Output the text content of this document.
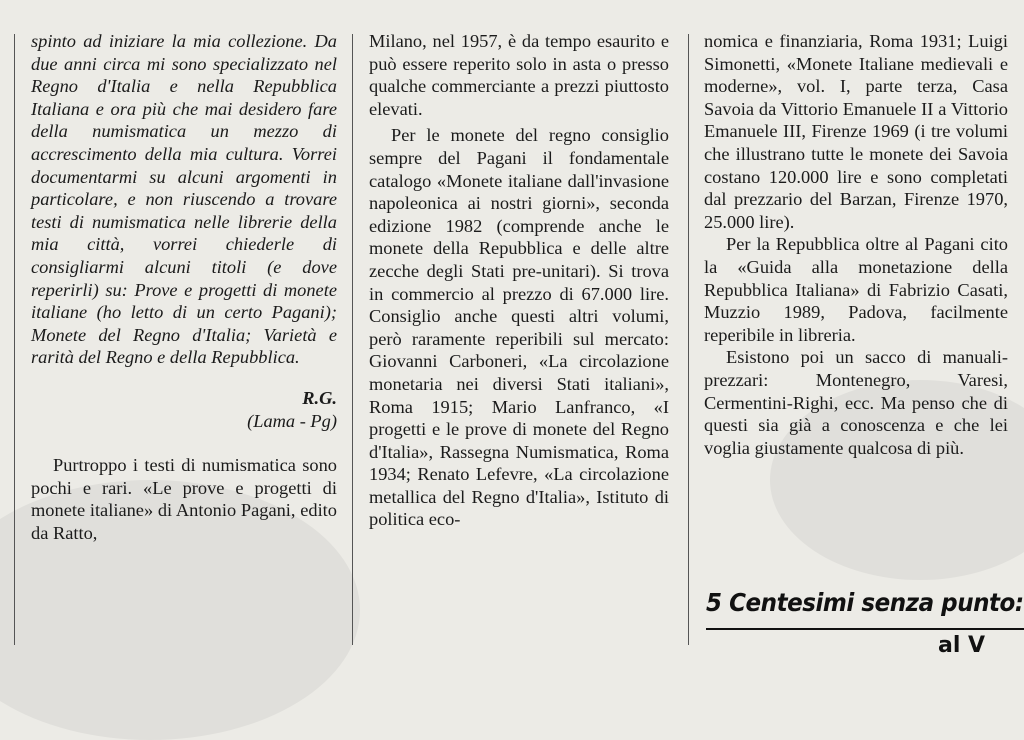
spinto ad iniziare la mia collezione. Da due anni circa mi sono specializzato nel Regno d'Italia e nella Repubblica Italiana e ora più che mai desidero fare della numismatica un mezzo di accrescimento della mia cultura. Vorrei documentarmi su alcuni argomenti in particolare, e non riuscendo a trovare testi di numismatica nelle librerie della mia città, vorrei chiederle di consigliarmi alcuni titoli (e dove reperirli) su: Prove e progetti di monete italiane (ho letto di un certo Pagani); Monete del Regno d'Italia; Varietà e rarità del Regno e della Repubblica.

R.G.

(Lama - Pg)

Purtroppo i testi di numismatica sono pochi e rari. «Le prove e progetti di monete italiane» di Antonio Pagani, edito da Ratto,

Milano, nel 1957, è da tempo esaurito e può essere reperito solo in asta o presso qualche commerciante a prezzi piuttosto elevati.

Per le monete del regno consiglio sempre del Pagani il fondamentale catalogo «Monete italiane dall'invasione napoleonica ai nostri giorni», seconda edizione 1982 (comprende anche le monete della Repubblica e delle altre zecche degli Stati pre-unitari). Si trova in commercio al prezzo di 67.000 lire. Consiglio anche questi altri volumi, però raramente reperibili sul mercato: Giovanni Carboneri, «La circolazione monetaria nei diversi Stati italiani», Roma 1915; Mario Lanfranco, «I progetti e le prove di monete del Regno d'Italia», Rassegna Numismatica, Roma 1934; Renato Lefevre, «La circolazione metallica del Regno d'Italia», Istituto di politica eco-

nomica e finanziaria, Roma 1931; Luigi Simonetti, «Monete Italiane medievali e moderne», vol. I, parte terza, Casa Savoia da Vittorio Emanuele II a Vittorio Emanuele III, Firenze 1969 (i tre volumi che illustrano tutte le monete dei Savoia costano 120.000 lire e sono completati dal prezzario del Barzan, Firenze 1970, 25.000 lire).

Per la Repubblica oltre al Pagani cito la «Guida alla monetazione della Repubblica Italiana» di Fabrizio Casati, Muzzio 1989, Padova, facilmente reperibile in libreria.

Esistono poi un sacco di manuali-prezzari: Montenegro, Varesi, Cermentini-Righi, ecc. Ma penso che di questi sia già a conoscenza e che lei voglia giustamente qualcosa di più.

5 Centesimi senza punto:
al V
